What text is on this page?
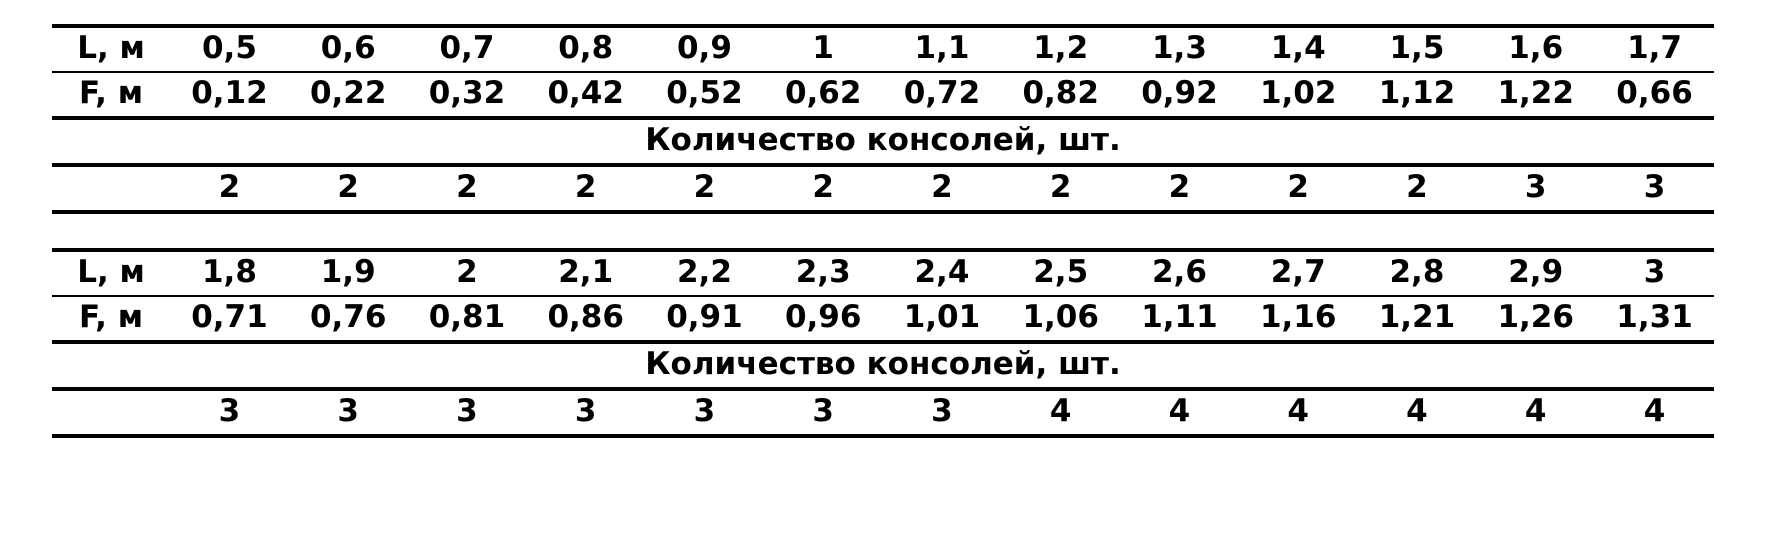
L, м	0,5	0,6	0,7	0,8	0,9	1	1,1	1,2	1,3	1,4	1,5	1,6	1,7
F, м	0,12	0,22	0,32	0,42	0,52	0,62	0,72	0,82	0,92	1,02	1,12	1,22	0,66
Количество консолей, шт.													
	2	2	2	2	2	2	2	2	2	2	2	3	3
L, м	1,8	1,9	2	2,1	2,2	2,3	2,4	2,5	2,6	2,7	2,8	2,9	3
F, м	0,71	0,76	0,81	0,86	0,91	0,96	1,01	1,06	1,11	1,16	1,21	1,26	1,31
Количество консолей, шт.													
	3	3	3	3	3	3	3	4	4	4	4	4	4
